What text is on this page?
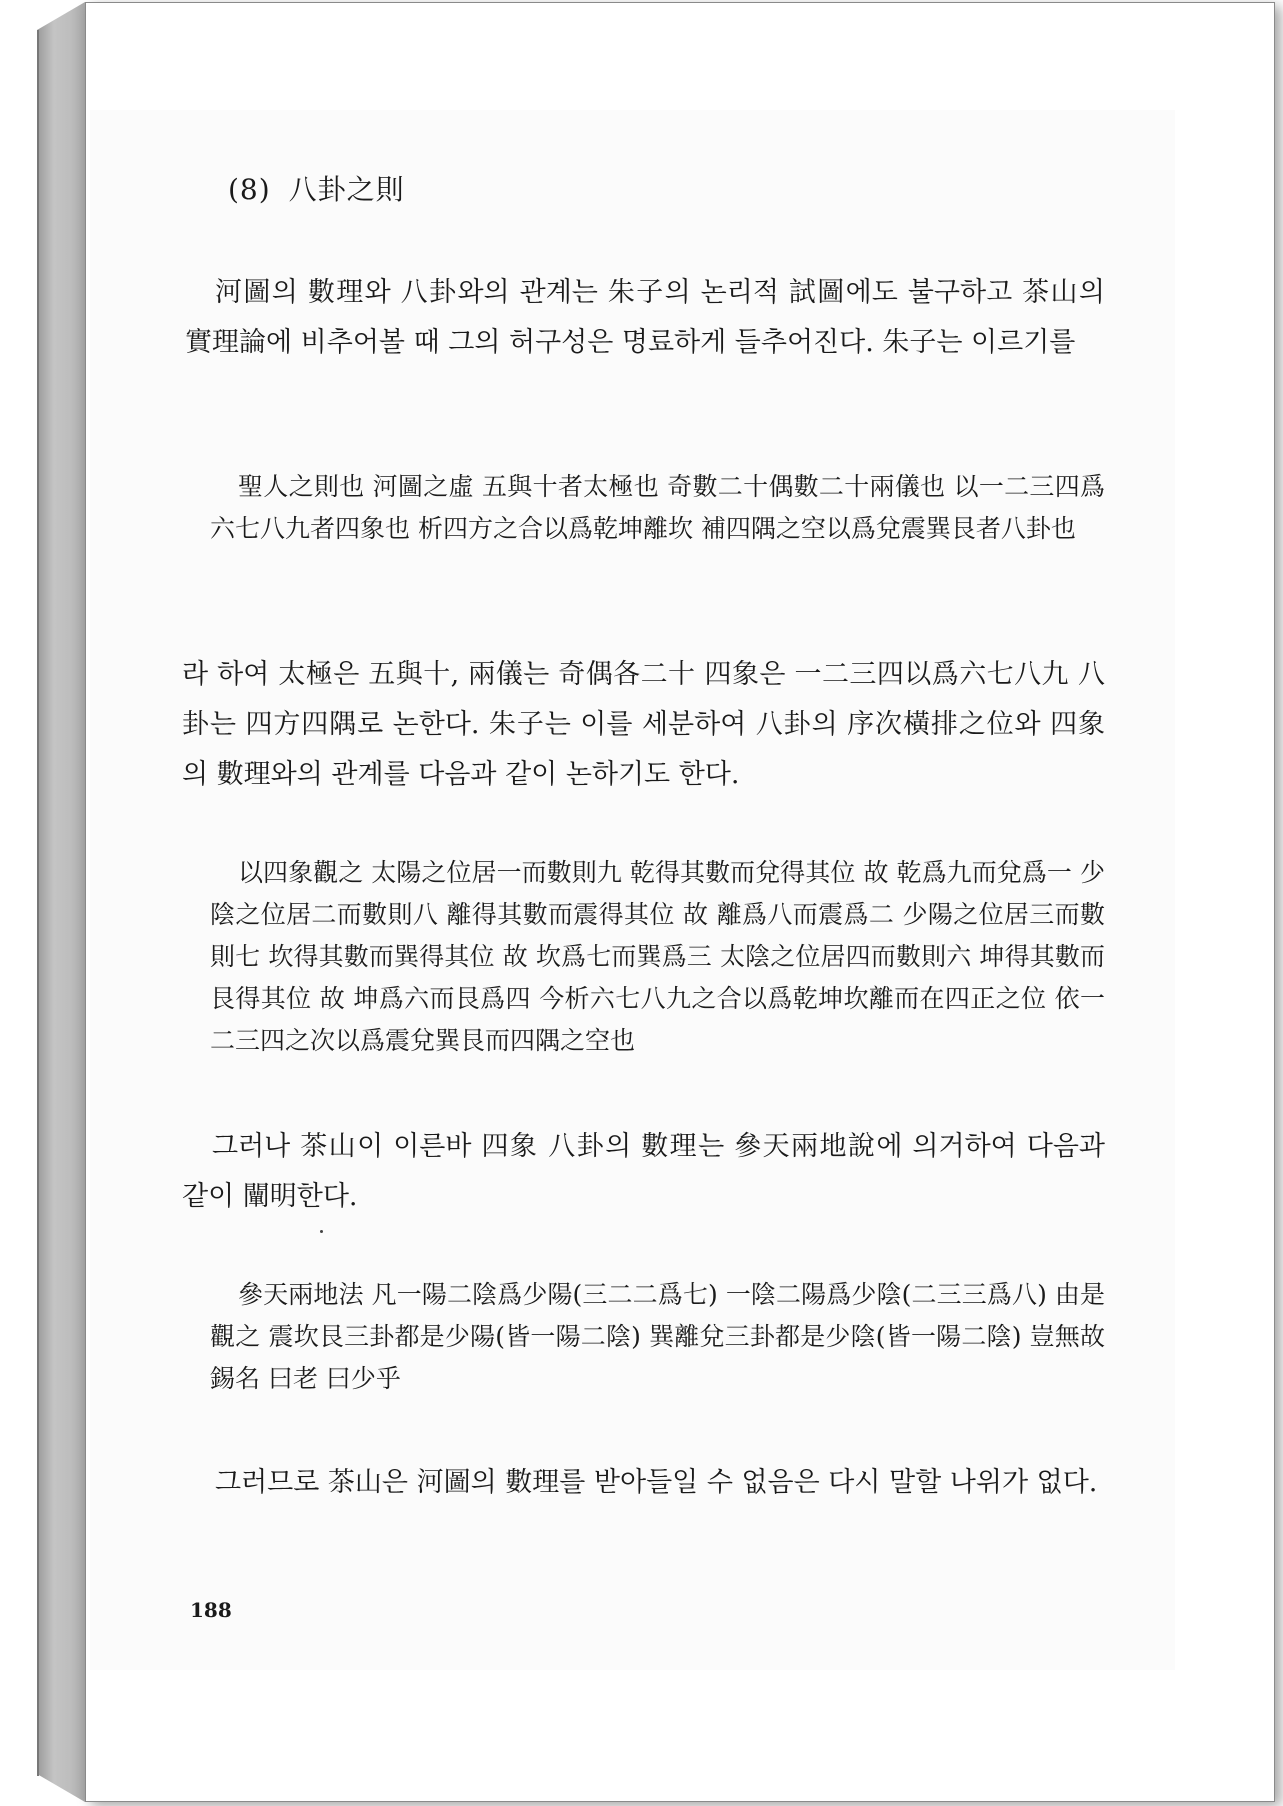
(8) 八卦之則

河圖의 數理와 八卦와의 관계는 朱子의 논리적 試圖에도 불구하고 茶山의 實理論에 비추어볼 때 그의 허구성은 명료하게 들추어진다. 朱子는 이르기를

聖人之則也 河圖之虛 五與十者太極也 奇數二十偶數二十兩儀也 以一二三四爲六七八九者四象也 析四方之合以爲乾坤離坎 補四隅之空以爲兌震巽艮者八卦也

라 하여 太極은 五與十, 兩儀는 奇偶各二十 四象은 一二三四以爲六七八九 八卦는 四方四隅로 논한다. 朱子는 이를 세분하여 八卦의 序次橫排之位와 四象의 數理와의 관계를 다음과 같이 논하기도 한다.

以四象觀之 太陽之位居一而數則九 乾得其數而兌得其位 故 乾爲九而兌爲一 少陰之位居二而數則八 離得其數而震得其位 故 離爲八而震爲二 少陽之位居三而數則七 坎得其數而巽得其位 故 坎爲七而巽爲三 太陰之位居四而數則六 坤得其數而艮得其位 故 坤爲六而艮爲四 今析六七八九之合以爲乾坤坎離而在四正之位 依一二三四之次以爲震兌巽艮而四隅之空也

그러나 茶山이 이른바 四象 八卦의 數理는 參天兩地說에 의거하여 다음과 같이 闡明한다.

參天兩地法 凡一陽二陰爲少陽(三二二爲七) 一陰二陽爲少陰(二三三爲八) 由是觀之 震坎艮三卦都是少陽(皆一陽二陰) 巽離兌三卦都是少陰(皆一陽二陰) 豈無故錫名 曰老 曰少乎

그러므로 茶山은 河圖의 數理를 받아들일 수 없음은 다시 말할 나위가 없다.

188
